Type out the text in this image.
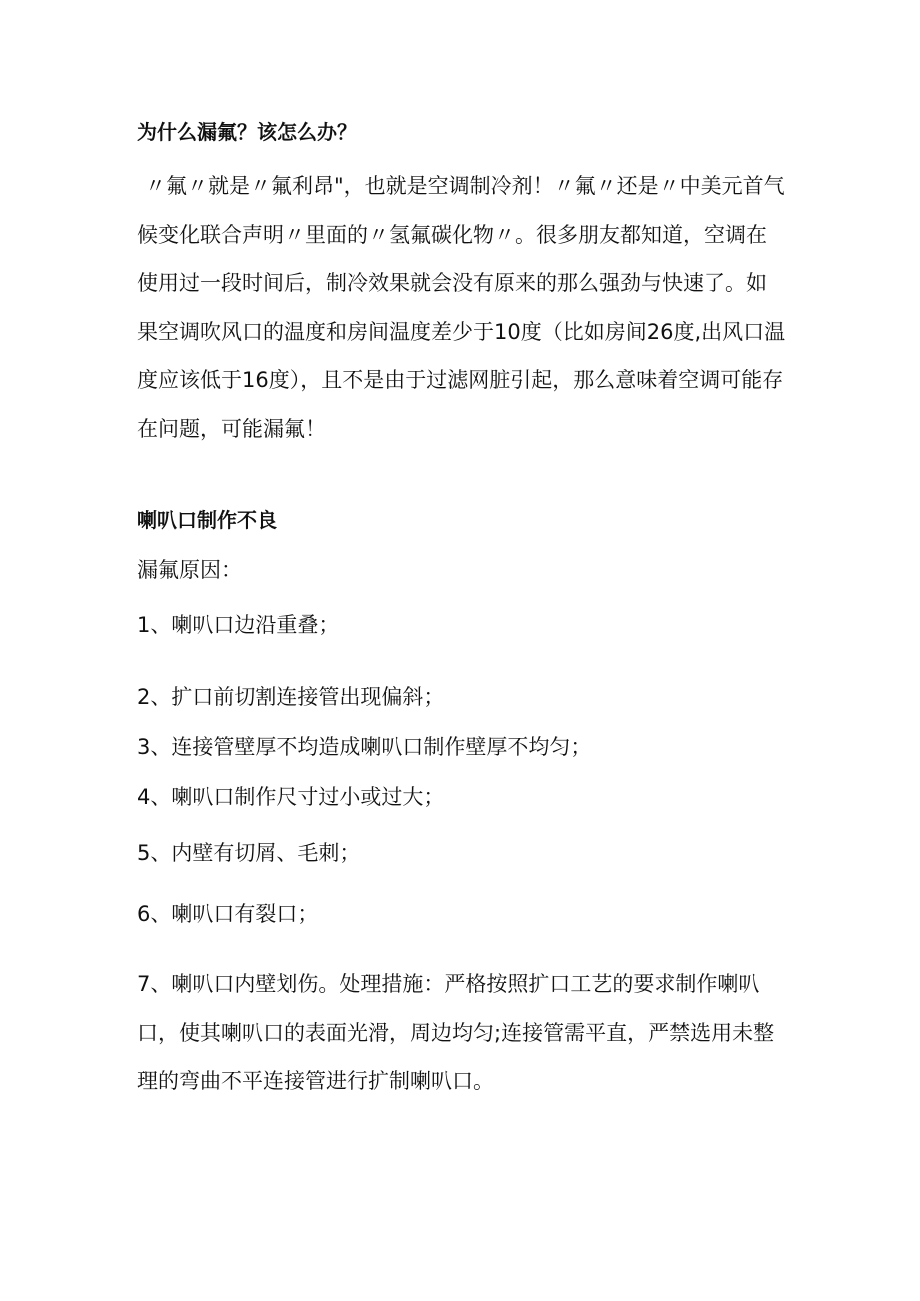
为什么漏氟？该怎么办？

〃氟〃就是〃氟利昂"，也就是空调制冷剂！〃氟〃还是〃中美元首气候变化联合声明〃里面的〃氢氟碳化物〃。很多朋友都知道，空调在使用过一段时间后，制冷效果就会没有原来的那么强劲与快速了。如果空调吹风口的温度和房间温度差少于10度（比如房间26度,出风口温度应该低于16度），且不是由于过滤网脏引起，那么意味着空调可能存在问题，可能漏氟！

喇叭口制作不良

漏氟原因：

1、喇叭口边沿重叠；

2、扩口前切割连接管出现偏斜；

3、连接管壁厚不均造成喇叭口制作壁厚不均匀；

4、喇叭口制作尺寸过小或过大；

5、内壁有切屑、毛刺；

6、喇叭口有裂口；

7、喇叭口内壁划伤。处理措施：严格按照扩口工艺的要求制作喇叭口，使其喇叭口的表面光滑，周边均匀;连接管需平直，严禁选用未整理的弯曲不平连接管进行扩制喇叭口。
